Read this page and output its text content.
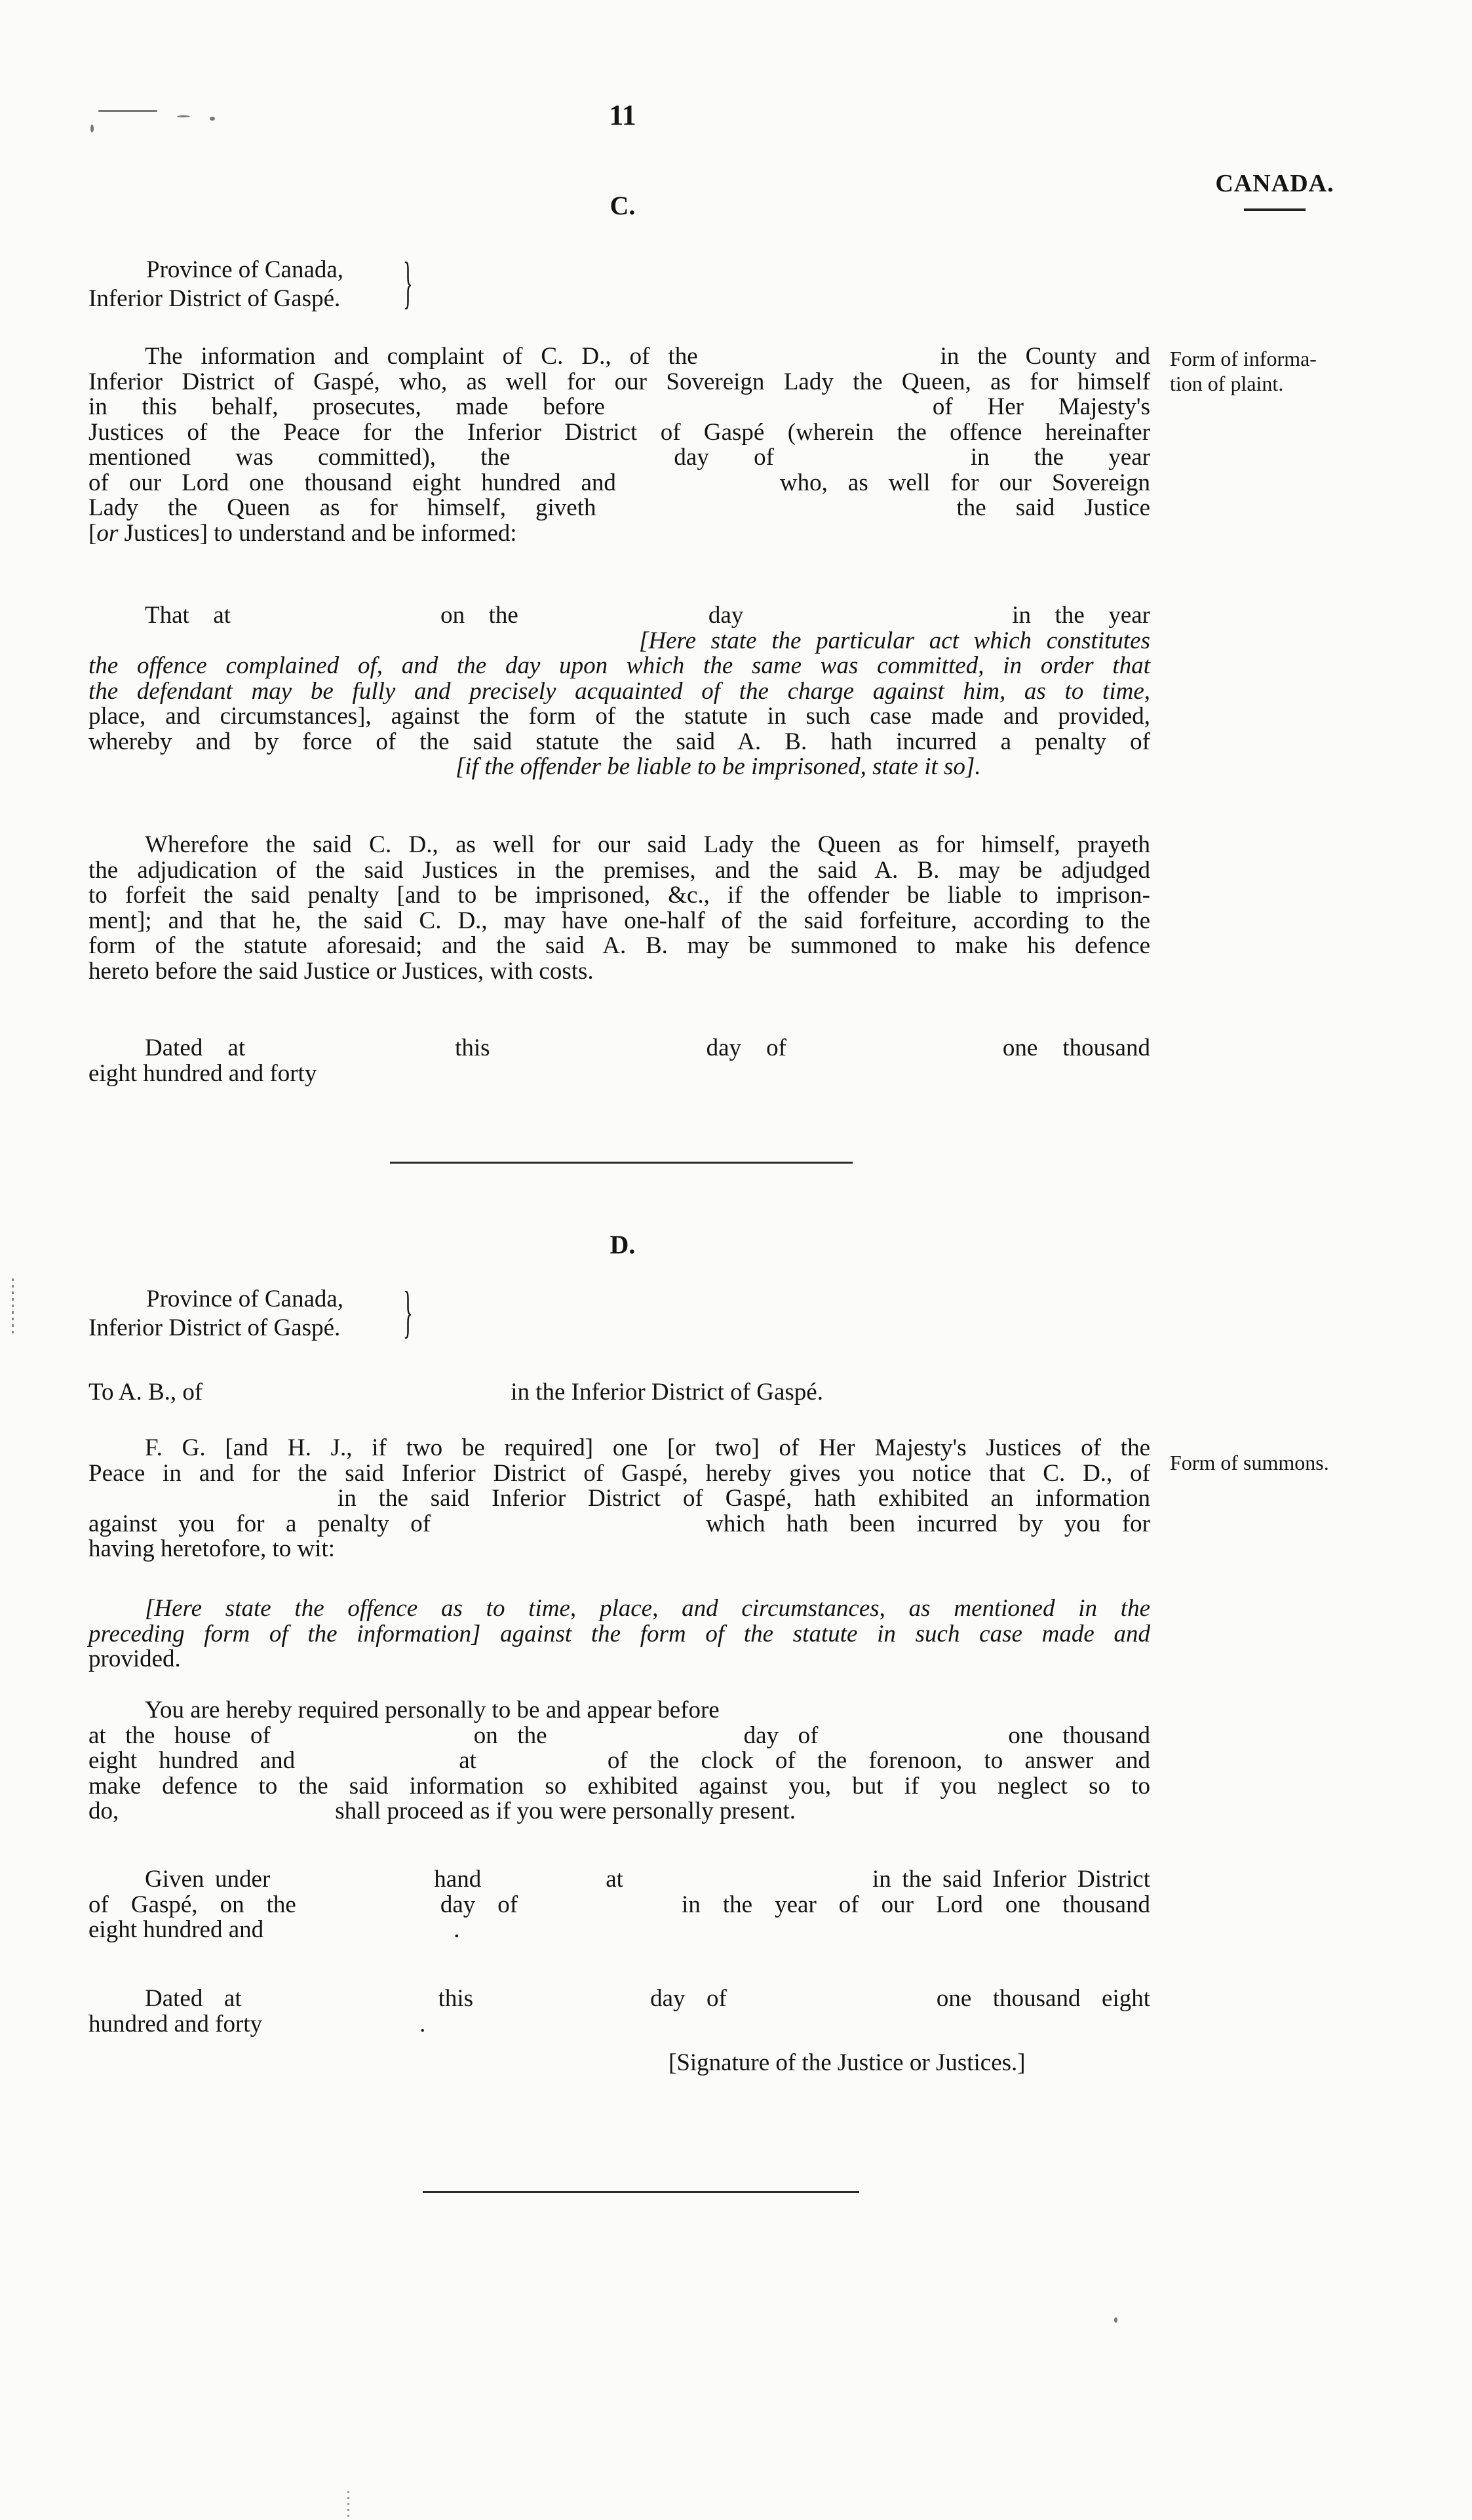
11
CANADA.
C.
Province of Canada,
Inferior District of Gaspé. }
Form of informa-
tion of plaint.

The information and complaint of C. D., of the	in the County and

Inferior District of Gaspé, who, as well for our Sovereign Lady the Queen, as for himself

in this behalf, prosecutes, made before	of Her Majesty's

Justices of the Peace for the Inferior District of Gaspé (wherein the offence hereinafter

mentioned was committed), the	day of	in the year

of our Lord one thousand eight hundred and	who, as well for our Sovereign

Lady the Queen as for himself, giveth	the said Justice

[or Justices] to understand and be informed:

That at	on the	day	in the year

[Here state the particular act which constitutes

the offence complained of, and the day upon which the same was committed, in order that

the defendant may be fully and precisely acquainted of the charge against him, as to time,

place, and circumstances], against the form of the statute in such case made and provided,

whereby and by force of the said statute the said A. B. hath incurred a penalty of

[if the offender be liable to be imprisoned, state it so].

Wherefore the said C. D., as well for our said Lady the Queen as for himself, prayeth

the adjudication of the said Justices in the premises, and the said A. B. may be adjudged

to forfeit the said penalty [and to be imprisoned, &c., if the offender be liable to imprison-

ment]; and that he, the said C. D., may have one-half of the said forfeiture, according to the

form of the statute aforesaid; and the said A. B. may be summoned to make his defence

hereto before the said Justice or Justices, with costs.

Dated at	this	day of	one thousand

eight hundred and forty

D.
Province of Canada,
Inferior District of Gaspé. }

To A. B., of	in the Inferior District of Gaspé.

Form of summons.

F. G. [and H. J., if two be required] one [or two] of Her Majesty's Justices of the

Peace in and for the said Inferior District of Gaspé, hereby gives you notice that C. D., of

in the said Inferior District of Gaspé, hath exhibited an information

against you for a penalty of	which hath been incurred by you for

having heretofore, to wit:

[Here state the offence as to time, place, and circumstances, as mentioned in the

preceding form of the information] against the form of the statute in such case made and

provided.

You are hereby required personally to be and appear before

at the house of	on the	day of	one thousand

eight hundred and	at	of the clock of the forenoon, to answer and

make defence to the said information so exhibited against you, but if you neglect so to

do,	shall proceed as if you were personally present.

Given under	hand	at	in the said Inferior District

of Gaspé, on the	day of	in the year of our Lord one thousand

eight hundred and	.

Dated at	this	day of	one thousand eight

hundred and forty	.

[Signature of the Justice or Justices.]
